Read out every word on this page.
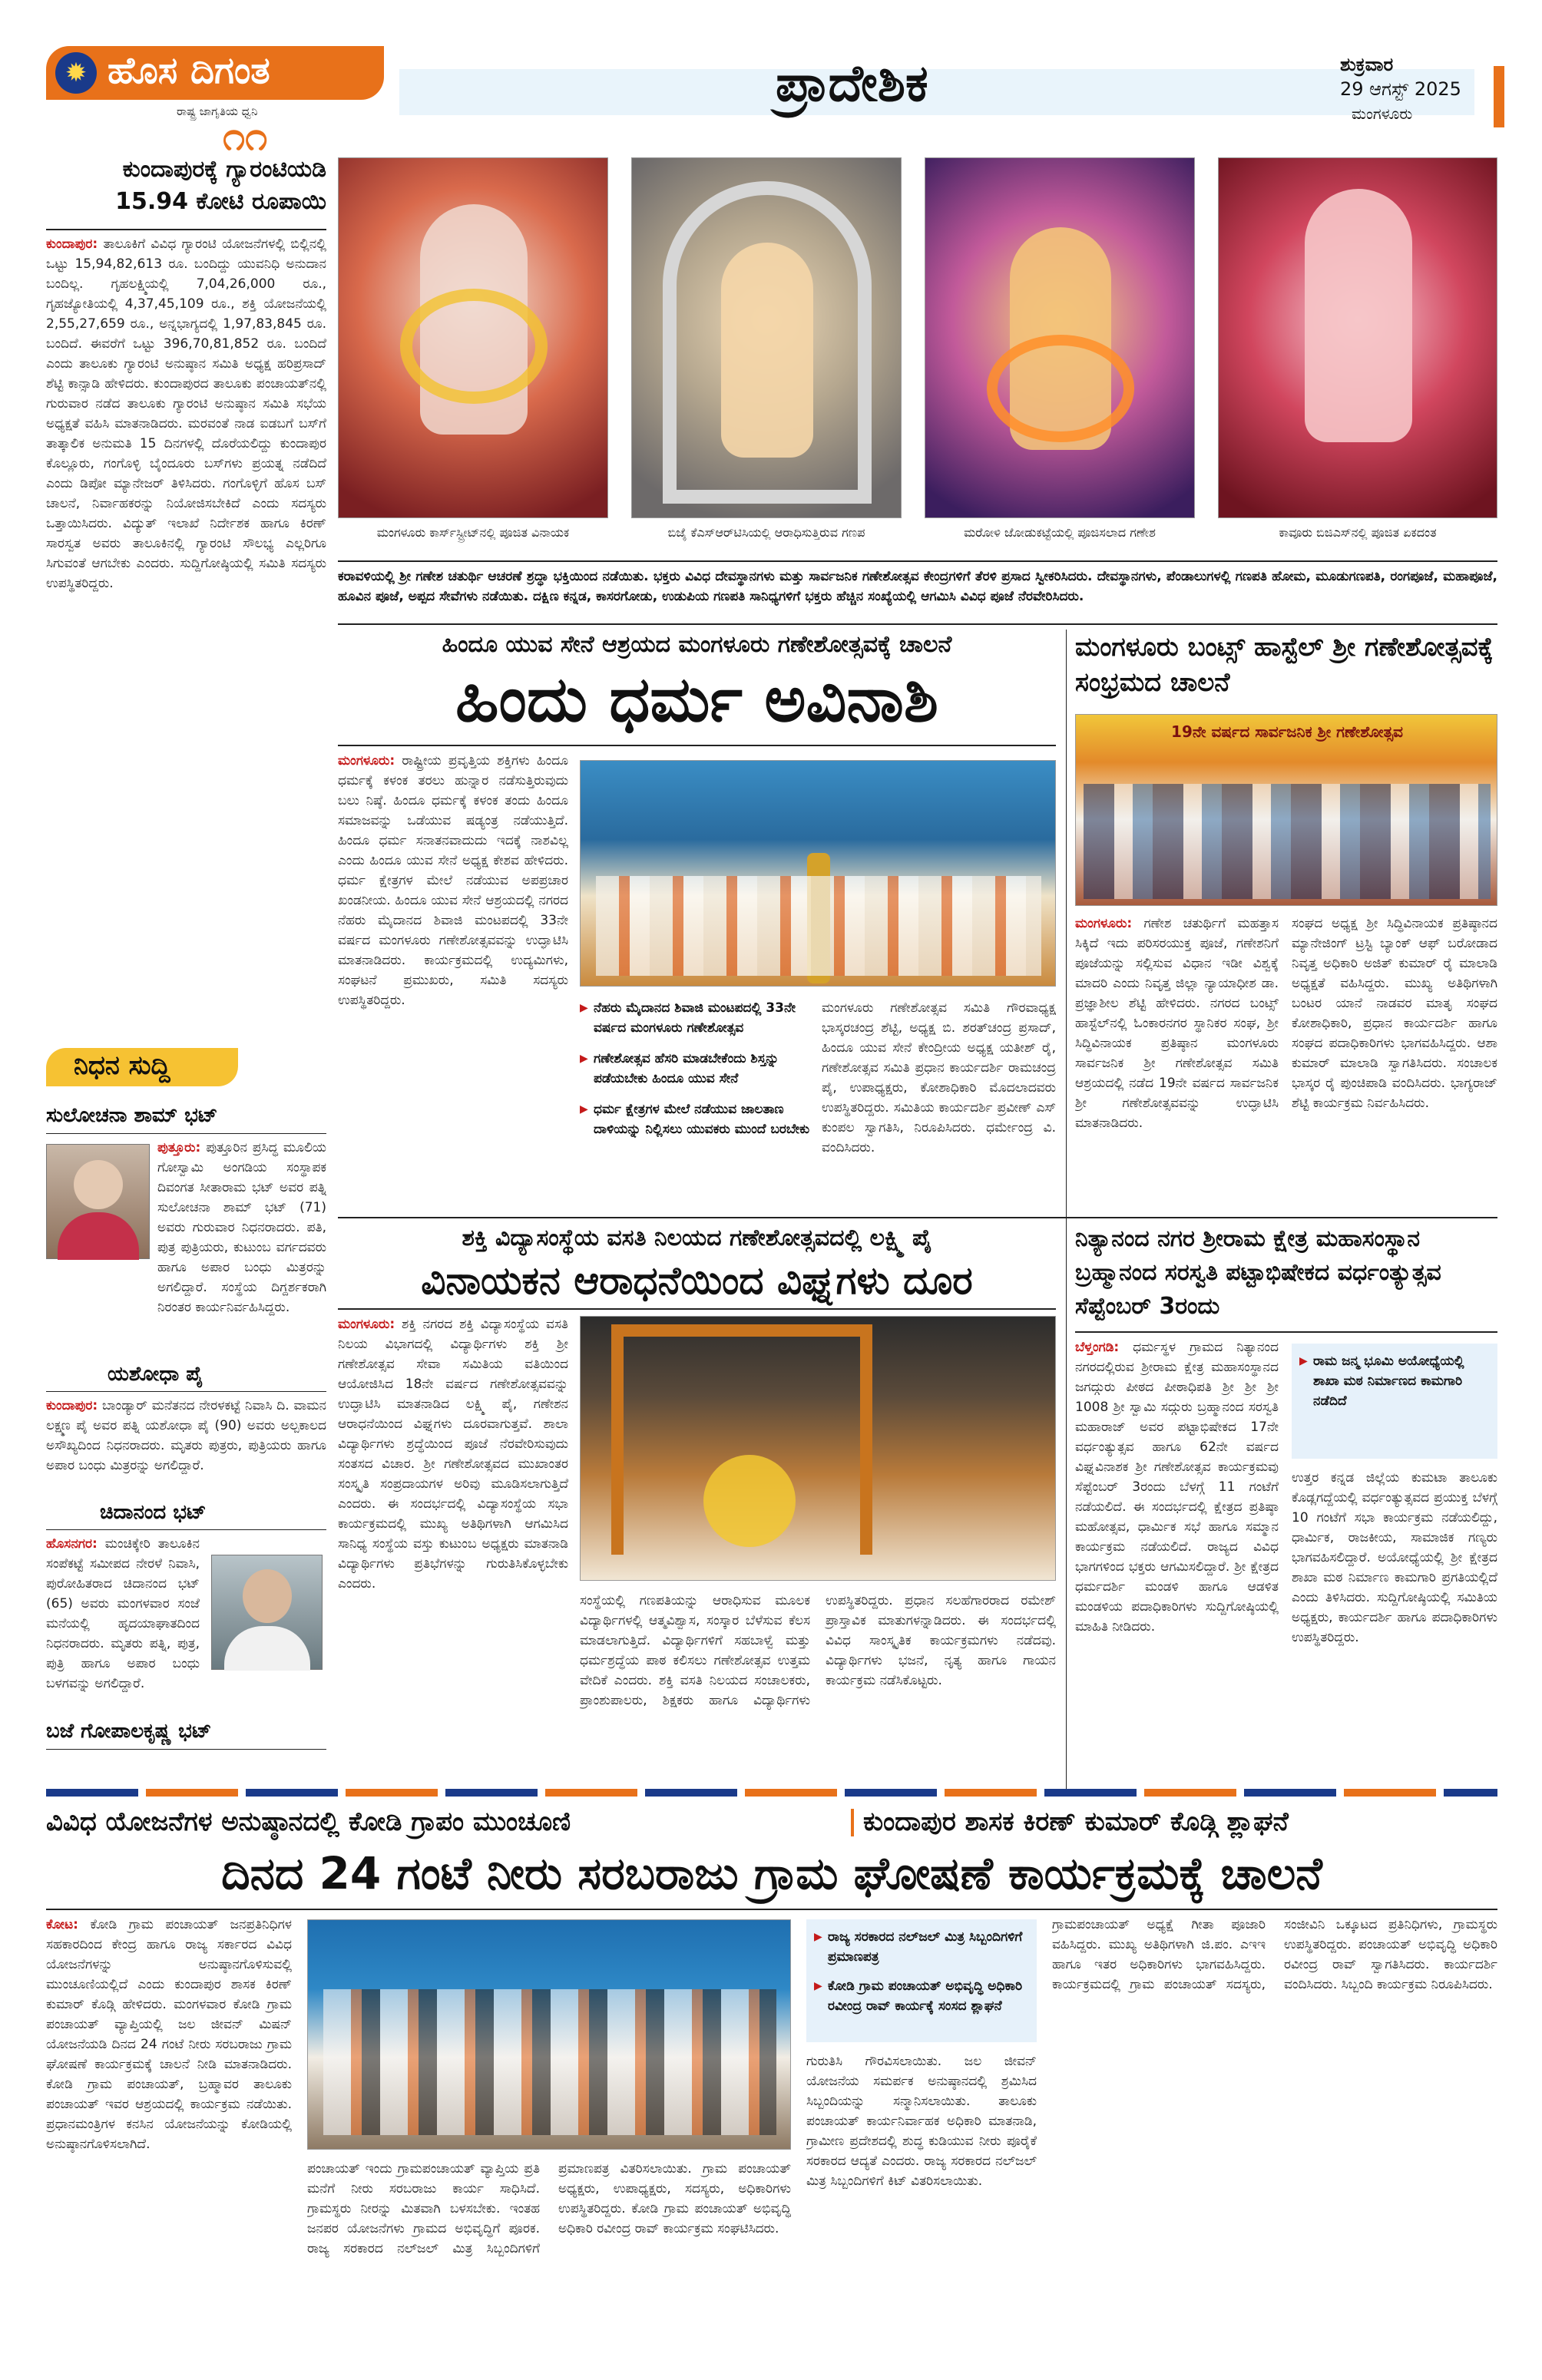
✹ ಹೊಸ ದಿಗಂತ
ರಾಷ್ಟ್ರ ಜಾಗೃತಿಯ ಧ್ವನಿ
೧೧
ಪ್ರಾದೇಶಿಕ	ಶುಕ್ರವಾರ
29 ಆಗಸ್ಟ್ 2025
ಮಂಗಳೂರು
ಕುಂದಾಪುರಕ್ಕೆ ಗ್ಯಾರಂಟಿಯಡಿ 15.94 ಕೋಟಿ ರೂಪಾಯಿ
ಕುಂದಾಪುರ: ತಾಲೂಕಿಗೆ ವಿವಿಧ ಗ್ಯಾರಂಟಿ ಯೋಜನೆಗಳಲ್ಲಿ ಬಿಲ್ಲಿನಲ್ಲಿ ಒಟ್ಟು 15,94,82,613 ರೂ. ಬಂದಿದ್ದು ಯುವನಿಧಿ ಅನುದಾನ ಬಂದಿಲ್ಲ. ಗೃಹಲಕ್ಷ್ಮಿಯಲ್ಲಿ 7,04,26,000 ರೂ., ಗೃಹಜ್ಯೋತಿಯಲ್ಲಿ 4,37,45,109 ರೂ., ಶಕ್ತಿ ಯೋಜನೆಯಲ್ಲಿ 2,55,27,659 ರೂ., ಅನ್ನಭಾಗ್ಯದಲ್ಲಿ 1,97,83,845 ರೂ. ಬಂದಿದೆ. ಈವರೆಗೆ ಒಟ್ಟು 396,70,81,852 ರೂ. ಬಂದಿದೆ ಎಂದು ತಾಲೂಕು ಗ್ಯಾರಂಟಿ ಅನುಷ್ಠಾನ ಸಮಿತಿ ಅಧ್ಯಕ್ಷ ಹರಿಪ್ರಸಾದ್ ಶೆಟ್ಟಿ ಕಾನ್ಸಾಡಿ ಹೇಳಿದರು. ಕುಂದಾಪುರದ ತಾಲೂಕು ಪಂಚಾಯತ್‌ನಲ್ಲಿ ಗುರುವಾರ ನಡೆದ ತಾಲೂಕು ಗ್ಯಾರಂಟಿ ಅನುಷ್ಠಾನ ಸಮಿತಿ ಸಭೆಯ ಅಧ್ಯಕ್ಷತೆ ವಹಿಸಿ ಮಾತನಾಡಿದರು. ಮರವಂತೆ ನಾಡ ಐಡಬಗೆ ಬಸ್‌ಗೆ ತಾತ್ಕಾಲಿಕ ಅನುಮತಿ 15 ದಿನಗಳಲ್ಲಿ ದೊರೆಯಲಿದ್ದು ಕುಂದಾಪುರ ಕೊಲ್ಲೂರು, ಗಂಗೊಳ್ಳಿ ಬೈಂದೂರು ಬಸ್‌ಗಳು ಪ್ರಯತ್ನ ನಡೆದಿದೆ ಎಂದು ಡಿಪೋ ಮ್ಯಾನೇಜರ್ ತಿಳಿಸಿದರು. ಗಂಗೊಳ್ಳಿಗೆ ಹೊಸ ಬಸ್‌ ಚಾಲನೆ, ನಿರ್ವಾಹಕರನ್ನು ನಿಯೋಜಿಸಬೇಕಿದೆ ಎಂದು ಸದಸ್ಯರು ಒತ್ತಾಯಿಸಿದರು. ವಿದ್ಯುತ್ ಇಲಾಖೆ ನಿರ್ದೇಶಕ ಹಾಗೂ ಕಿರಣ್ ಸಾರಸ್ವತ ಅವರು ತಾಲೂಕಿನಲ್ಲಿ ಗ್ಯಾರಂಟಿ ಸೌಲಭ್ಯ ಎಲ್ಲರಿಗೂ ಸಿಗುವಂತೆ ಆಗಬೇಕು ಎಂದರು. ಸುದ್ದಿಗೋಷ್ಠಿಯಲ್ಲಿ ಸಮಿತಿ ಸದಸ್ಯರು ಉಪಸ್ಥಿತರಿದ್ದರು.
ನಿಧನ ಸುದ್ದಿ
ಸುಲೋಚನಾ ಶಾಮ್ ಭಟ್
ಪುತ್ತೂರು: ಪುತ್ತೂರಿನ ಪ್ರಸಿದ್ಧ ಮೂಲಿಯ ಗೋಸ್ವಾಮಿ ಅಂಗಡಿಯ ಸಂಸ್ಥಾಪಕ ದಿವಂಗತ ಸೀತಾರಾಮ ಭಟ್ ಅವರ ಪತ್ನಿ ಸುಲೋಚನಾ ಶಾಮ್ ಭಟ್ (71) ಅವರು ಗುರುವಾರ ನಿಧನರಾದರು. ಪತಿ, ಪುತ್ರ ಪುತ್ರಿಯರು, ಕುಟುಂಬ ವರ್ಗದವರು ಹಾಗೂ ಅಪಾರ ಬಂಧು ಮಿತ್ರರನ್ನು ಅಗಲಿದ್ದಾರೆ. ಸಂಸ್ಥೆಯ ದಿಗ್ದರ್ಶಕರಾಗಿ ನಿರಂತರ ಕಾರ್ಯನಿರ್ವಹಿಸಿದ್ದರು.
ಯಶೋಧಾ ಪೈ
ಕುಂದಾಪುರ: ಬಾಂಡ್ಯಾರ್ ಮನೆತನದ ನೇರಳಕಟ್ಟೆ ನಿವಾಸಿ ದಿ. ವಾಮನ ಲಕ್ಷ್ಮಣ ಪೈ ಅವರ ಪತ್ನಿ ಯಶೋಧಾ ಪೈ (90) ಅವರು ಅಲ್ಪಕಾಲದ ಅಸೌಖ್ಯದಿಂದ ನಿಧನರಾದರು. ಮೃತರು ಪುತ್ರರು, ಪುತ್ರಿಯರು ಹಾಗೂ ಅಪಾರ ಬಂಧು ಮಿತ್ರರನ್ನು ಅಗಲಿದ್ದಾರೆ.
ಚಿದಾನಂದ ಭಟ್
ಹೊಸನಗರ: ಮಂಚಿಕ್ಕೇರಿ ತಾಲೂಕಿನ ಸಂಪೆಕಟ್ಟೆ ಸಮೀಪದ ನೇರಳೆ ನಿವಾಸಿ, ಪುರೋಹಿತರಾದ ಚಿದಾನಂದ ಭಟ್ (65) ಅವರು ಮಂಗಳವಾರ ಸಂಜೆ ಮನೆಯಲ್ಲಿ ಹೃದಯಾಘಾತದಿಂದ ನಿಧನರಾದರು. ಮೃತರು ಪತ್ನಿ, ಪುತ್ರ, ಪುತ್ರಿ ಹಾಗೂ ಅಪಾರ ಬಂಧು ಬಳಗವನ್ನು ಅಗಲಿದ್ದಾರೆ.
ಬಜೆ ಗೋಪಾಲಕೃಷ್ಣ ಭಟ್
ಮಂಗಳೂರು ಕಾರ್ಸ್‌ಸ್ಟ್ರೀಟ್‌ನಲ್ಲಿ ಪೂಜಿತ ವಿನಾಯಕ	ಬಿಜೈ ಕೆಎಸ್‌ಆರ್‌ಟಿಸಿಯಲ್ಲಿ ಆರಾಧಿಸುತ್ತಿರುವ ಗಣಪ	ಮರೋಳಿ ಜೋಡುಕಟ್ಟೆಯಲ್ಲಿ ಪೂಜಿಸಲಾದ ಗಣೇಶ	ಕಾವೂರು ಬಿಜಿಎಸ್‌ನಲ್ಲಿ ಪೂಜಿತ ಏಕದಂತ
ಕರಾವಳಿಯಲ್ಲಿ ಶ್ರೀ ಗಣೇಶ ಚತುರ್ಥಿ ಆಚರಣೆ ಶ್ರದ್ಧಾ ಭಕ್ತಿಯಿಂದ ನಡೆಯಿತು. ಭಕ್ತರು ವಿವಿಧ ದೇವಸ್ಥಾನಗಳು ಮತ್ತು ಸಾರ್ವಜನಿಕ ಗಣೇಶೋತ್ಸವ ಕೇಂದ್ರಗಳಿಗೆ ತೆರಳಿ ಪ್ರಸಾದ ಸ್ವೀಕರಿಸಿದರು. ದೇವಸ್ಥಾನಗಳು, ಪೆಂಡಾಲುಗಳಲ್ಲಿ ಗಣಪತಿ ಹೋಮ, ಮೂಡುಗಣಪತಿ, ರಂಗಪೂಜೆ, ಮಹಾಪೂಜೆ, ಹೂವಿನ ಪೂಜೆ, ಅಪ್ಪದ ಸೇವೆಗಳು ನಡೆಯಿತು. ದಕ್ಷಿಣ ಕನ್ನಡ, ಕಾಸರಗೋಡು, ಉಡುಪಿಯ ಗಣಪತಿ ಸಾನಿಧ್ಯಗಳಿಗೆ ಭಕ್ತರು ಹೆಚ್ಚಿನ ಸಂಖ್ಯೆಯಲ್ಲಿ ಆಗಮಿಸಿ ವಿವಿಧ ಪೂಜೆ ನೆರವೇರಿಸಿದರು.
ಹಿಂದೂ ಯುವ ಸೇನೆ ಆಶ್ರಯದ ಮಂಗಳೂರು ಗಣೇಶೋತ್ಸವಕ್ಕೆ ಚಾಲನೆ
ಹಿಂದು ಧರ್ಮ ಅವಿನಾಶಿ
ಮಂಗಳೂರು: ರಾಷ್ಟ್ರೀಯ ಪ್ರವೃತ್ತಿಯ ಶಕ್ತಿಗಳು ಹಿಂದೂ ಧರ್ಮಕ್ಕೆ ಕಳಂಕ ತರಲು ಹುನ್ನಾರ ನಡೆಸುತ್ತಿರುವುದು ಬಲು ನಿಷ್ಠೆ. ಹಿಂದೂ ಧರ್ಮಕ್ಕೆ ಕಳಂಕ ತಂದು ಹಿಂದೂ ಸಮಾಜವನ್ನು ಒಡೆಯುವ ಷಡ್ಯಂತ್ರ ನಡೆಯುತ್ತಿದೆ. ಹಿಂದೂ ಧರ್ಮ ಸನಾತನವಾದುದು ಇದಕ್ಕೆ ನಾಶವಿಲ್ಲ ಎಂದು ಹಿಂದೂ ಯುವ ಸೇನೆ ಅಧ್ಯಕ್ಷ ಕೇಶವ ಹೇಳಿದರು. ಧರ್ಮ ಕ್ಷೇತ್ರಗಳ ಮೇಲೆ ನಡೆಯುವ ಅಪಪ್ರಚಾರ ಖಂಡನೀಯ. ಹಿಂದೂ ಯುವ ಸೇನೆ ಆಶ್ರಯದಲ್ಲಿ ನಗರದ ನೆಹರು ಮೈದಾನದ ಶಿವಾಜಿ ಮಂಟಪದಲ್ಲಿ 33ನೇ ವರ್ಷದ ಮಂಗಳೂರು ಗಣೇಶೋತ್ಸವವನ್ನು ಉದ್ಘಾಟಿಸಿ ಮಾತನಾಡಿದರು. ಕಾರ್ಯಕ್ರಮದಲ್ಲಿ ಉದ್ಯಮಿಗಳು, ಸಂಘಟನೆ ಪ್ರಮುಖರು, ಸಮಿತಿ ಸದಸ್ಯರು ಉಪಸ್ಥಿತರಿದ್ದರು.
▶	ನೆಹರು ಮೈದಾನದ ಶಿವಾಜಿ ಮಂಟಪದಲ್ಲಿ 33ನೇ ವರ್ಷದ ಮಂಗಳೂರು ಗಣೇಶೋತ್ಸವ
▶ ಗಣೇಶೋತ್ಸವ ಹೆಸರಿ ಮಾಡಬೇಕೆಂದು ಶಿಸ್ತನ್ನು ಪಡೆಯಬೇಕು ಹಿಂದೂ ಯುವ ಸೇನೆ
▶ ಧರ್ಮ ಕ್ಷೇತ್ರಗಳ ಮೇಲೆ ನಡೆಯುವ ಜಾಲತಾಣ ದಾಳಿಯನ್ನು ನಿಲ್ಲಿಸಲು ಯುವಕರು ಮುಂದೆ ಬರಬೇಕು
ಮಂಗಳೂರು ಗಣೇಶೋತ್ಸವ ಸಮಿತಿ ಗೌರವಾಧ್ಯಕ್ಷ ಭಾಸ್ಕರಚಂದ್ರ ಶೆಟ್ಟಿ, ಅಧ್ಯಕ್ಷ ಬಿ. ಶರತ್‌ಚಂದ್ರ ಪ್ರಸಾದ್, ಹಿಂದೂ ಯುವ ಸೇನೆ ಕೇಂದ್ರೀಯ ಅಧ್ಯಕ್ಷ ಯತೀಶ್ ರೈ, ಗಣೇಶೋತ್ಸವ ಸಮಿತಿ ಪ್ರಧಾನ ಕಾರ್ಯದರ್ಶಿ ರಾಮಚಂದ್ರ ಪೈ, ಉಪಾಧ್ಯಕ್ಷರು, ಕೋಶಾಧಿಕಾರಿ ಮೊದಲಾದವರು ಉಪಸ್ಥಿತರಿದ್ದರು. ಸಮಿತಿಯ ಕಾರ್ಯದರ್ಶಿ ಪ್ರವೀಣ್ ಎಸ್ ಕುಂಪಲ ಸ್ವಾಗತಿಸಿ, ನಿರೂಪಿಸಿದರು. ಧರ್ಮೇಂದ್ರ ವಿ. ವಂದಿಸಿದರು.
ಮಂಗಳೂರು ಬಂಟ್ಸ್ ಹಾಸ್ಟೆಲ್ ಶ್ರೀ ಗಣೇಶೋತ್ಸವಕ್ಕೆ ಸಂಭ್ರಮದ ಚಾಲನೆ
19ನೇ ವರ್ಷದ ಸಾರ್ವಜನಿಕ ಶ್ರೀ ಗಣೇಶೋತ್ಸವ
ಮಂಗಳೂರು: ಗಣೇಶ ಚತುರ್ಥಿಗೆ ಮಹತ್ತಾಸ ಸಿಕ್ಕಿದೆ ಇದು ಪರಿಸರಯುಕ್ತ ಪೂಜೆ, ಗಣೇಶನಿಗೆ ಪೂಜೆಯನ್ನು ಸಲ್ಲಿಸುವ ವಿಧಾನ ಇಡೀ ವಿಶ್ವಕ್ಕೆ ಮಾದರಿ ಎಂದು ನಿವೃತ್ತ ಜಿಲ್ಲಾ ನ್ಯಾಯಾಧೀಶ ಡಾ. ಪ್ರಜ್ಞಾಶೀಲ ಶೆಟ್ಟಿ ಹೇಳಿದರು. ನಗರದ ಬಂಟ್ಸ್ ಹಾಸ್ಟೆಲ್‌ನಲ್ಲಿ ಓಂಕಾರನಗರ ಸ್ಥಾನಿಕರ ಸಂಘ, ಶ್ರೀ ಸಿದ್ಧಿವಿನಾಯಕ ಪ್ರತಿಷ್ಠಾನ ಮಂಗಳೂರು ಸಾರ್ವಜನಿಕ ಶ್ರೀ ಗಣೇಶೋತ್ಸವ ಸಮಿತಿ ಆಶ್ರಯದಲ್ಲಿ ನಡೆದ 19ನೇ ವರ್ಷದ ಸಾರ್ವಜನಿಕ ಶ್ರೀ ಗಣೇಶೋತ್ಸವವನ್ನು ಉದ್ಘಾಟಿಸಿ ಮಾತನಾಡಿದರು.
ಸಂಘದ ಅಧ್ಯಕ್ಷ ಶ್ರೀ ಸಿದ್ಧಿವಿನಾಯಕ ಪ್ರತಿಷ್ಠಾನದ ಮ್ಯಾನೇಜಿಂಗ್ ಟ್ರಸ್ಟಿ ಬ್ಯಾಂಕ್ ಆಫ್ ಬರೋಡಾದ ನಿವೃತ್ತ ಅಧಿಕಾರಿ ಅಜಿತ್ ಕುಮಾರ್ ರೈ ಮಾಲಾಡಿ ಅಧ್ಯಕ್ಷತೆ ವಹಿಸಿದ್ದರು. ಮುಖ್ಯ ಅತಿಥಿಗಳಾಗಿ ಬಂಟರ ಯಾನೆ ನಾಡವರ ಮಾತೃ ಸಂಘದ ಕೋಶಾಧಿಕಾರಿ, ಪ್ರಧಾನ ಕಾರ್ಯದರ್ಶಿ ಹಾಗೂ ಸಂಘದ ಪದಾಧಿಕಾರಿಗಳು ಭಾಗವಹಿಸಿದ್ದರು. ಆಶಾ ಕುಮಾರ್ ಮಾಲಾಡಿ ಸ್ವಾಗತಿಸಿದರು. ಸಂಚಾಲಕ ಭಾಸ್ಕರ ರೈ ಪುಂಚಿಪಾಡಿ ವಂದಿಸಿದರು. ಭಾಗ್ಯರಾಜ್ ಶೆಟ್ಟಿ ಕಾರ್ಯಕ್ರಮ ನಿರ್ವಹಿಸಿದರು.
ಶಕ್ತಿ ವಿದ್ಯಾಸಂಸ್ಥೆಯ ವಸತಿ ನಿಲಯದ ಗಣೇಶೋತ್ಸವದಲ್ಲಿ ಲಕ್ಷ್ಮಿ ಪೈ
ವಿನಾಯಕನ ಆರಾಧನೆಯಿಂದ ವಿಘ್ನಗಳು ದೂರ
ಮಂಗಳೂರು: ಶಕ್ತಿ ನಗರದ ಶಕ್ತಿ ವಿದ್ಯಾಸಂಸ್ಥೆಯ ವಸತಿ ನಿಲಯ ವಿಭಾಗದಲ್ಲಿ ವಿದ್ಯಾರ್ಥಿಗಳು ಶಕ್ತಿ ಶ್ರೀ ಗಣೇಶೋತ್ಸವ ಸೇವಾ ಸಮಿತಿಯ ವತಿಯಿಂದ ಆಯೋಜಿಸಿದ 18ನೇ ವರ್ಷದ ಗಣೇಶೋತ್ಸವವನ್ನು ಉದ್ಘಾಟಿಸಿ ಮಾತನಾಡಿದ ಲಕ್ಷ್ಮಿ ಪೈ, ಗಣೇಶನ ಆರಾಧನೆಯಿಂದ ವಿಘ್ನಗಳು ದೂರವಾಗುತ್ತವೆ. ಶಾಲಾ ವಿದ್ಯಾರ್ಥಿಗಳು ಶ್ರದ್ಧೆಯಿಂದ ಪೂಜೆ ನೆರವೇರಿಸುವುದು ಸಂತಸದ ವಿಚಾರ. ಶ್ರೀ ಗಣೇಶೋತ್ಸವದ ಮುಖಾಂತರ ಸಂಸ್ಕೃತಿ ಸಂಪ್ರದಾಯಗಳ ಅರಿವು ಮೂಡಿಸಲಾಗುತ್ತಿದೆ ಎಂದರು. ಈ ಸಂದರ್ಭದಲ್ಲಿ ವಿದ್ಯಾಸಂಸ್ಥೆಯ ಸಭಾ ಕಾರ್ಯಕ್ರಮದಲ್ಲಿ ಮುಖ್ಯ ಅತಿಥಿಗಳಾಗಿ ಆಗಮಿಸಿದ ಸಾನಿಧ್ಯ ಸಂಸ್ಥೆಯ ವಸ್ತು ಕುಟುಂಬ ಅಧ್ಯಕ್ಷರು ಮಾತನಾಡಿ ವಿದ್ಯಾರ್ಥಿಗಳು ಪ್ರತಿಭೆಗಳನ್ನು ಗುರುತಿಸಿಕೊಳ್ಳಬೇಕು ಎಂದರು.
ಸಂಸ್ಥೆಯಲ್ಲಿ ಗಣಪತಿಯನ್ನು ಆರಾಧಿಸುವ ಮೂಲಕ ವಿದ್ಯಾರ್ಥಿಗಳಲ್ಲಿ ಆತ್ಮವಿಶ್ವಾಸ, ಸಂಸ್ಕಾರ ಬೆಳೆಸುವ ಕೆಲಸ ಮಾಡಲಾಗುತ್ತಿದೆ. ವಿದ್ಯಾರ್ಥಿಗಳಿಗೆ ಸಹಬಾಳ್ವೆ ಮತ್ತು ಧರ್ಮಶ್ರದ್ಧೆಯ ಪಾಠ ಕಲಿಸಲು ಗಣೇಶೋತ್ಸವ ಉತ್ತಮ ವೇದಿಕೆ ಎಂದರು. ಶಕ್ತಿ ವಸತಿ ನಿಲಯದ ಸಂಚಾಲಕರು, ಪ್ರಾಂಶುಪಾಲರು, ಶಿಕ್ಷಕರು ಹಾಗೂ ವಿದ್ಯಾರ್ಥಿಗಳು ಉಪಸ್ಥಿತರಿದ್ದರು. ಪ್ರಧಾನ ಸಲಹೆಗಾರರಾದ ರಮೇಶ್ ಪ್ರಾಸ್ತಾವಿಕ ಮಾತುಗಳನ್ನಾಡಿದರು. ಈ ಸಂದರ್ಭದಲ್ಲಿ ವಿವಿಧ ಸಾಂಸ್ಕೃತಿಕ ಕಾರ್ಯಕ್ರಮಗಳು ನಡೆದವು. ವಿದ್ಯಾರ್ಥಿಗಳು ಭಜನೆ, ನೃತ್ಯ ಹಾಗೂ ಗಾಯನ ಕಾರ್ಯಕ್ರಮ ನಡೆಸಿಕೊಟ್ಟರು.
ನಿತ್ಯಾನಂದ ನಗರ ಶ್ರೀರಾಮ ಕ್ಷೇತ್ರ ಮಹಾಸಂಸ್ಥಾನ ಬ್ರಹ್ಮಾನಂದ ಸರಸ್ವತಿ ಪಟ್ಟಾಭಿಷೇಕದ ವರ್ಧಂತ್ಯುತ್ಸವ ಸೆಪ್ಟೆಂಬರ್ 3ರಂದು
ಬೆಳ್ತಂಗಡಿ: ಧರ್ಮಸ್ಥಳ ಗ್ರಾಮದ ನಿತ್ಯಾನಂದ ನಗರದಲ್ಲಿರುವ ಶ್ರೀರಾಮ ಕ್ಷೇತ್ರ ಮಹಾಸಂಸ್ಥಾನದ ಜಗದ್ಗುರು ಪೀಠದ ಪೀಠಾಧಿಪತಿ ಶ್ರೀ ಶ್ರೀ ಶ್ರೀ 1008 ಶ್ರೀ ಸ್ವಾಮಿ ಸದ್ಗುರು ಬ್ರಹ್ಮಾನಂದ ಸರಸ್ವತಿ ಮಹಾರಾಜ್ ಅವರ ಪಟ್ಟಾಭಿಷೇಕದ 17ನೇ ವರ್ಧಂತ್ಯುತ್ಸವ ಹಾಗೂ 62ನೇ ವರ್ಷದ ವಿಘ್ನವಿನಾಶಕ ಶ್ರೀ ಗಣೇಶೋತ್ಸವ ಕಾರ್ಯಕ್ರಮವು ಸೆಪ್ಟೆಂಬರ್ 3ರಂದು ಬೆಳಗ್ಗೆ 11 ಗಂಟೆಗೆ ನಡೆಯಲಿದೆ. ಈ ಸಂದರ್ಭದಲ್ಲಿ ಕ್ಷೇತ್ರದ ಪ್ರತಿಷ್ಠಾ ಮಹೋತ್ಸವ, ಧಾರ್ಮಿಕ ಸಭೆ ಹಾಗೂ ಸಮ್ಮಾನ ಕಾರ್ಯಕ್ರಮ ನಡೆಯಲಿದೆ. ರಾಜ್ಯದ ವಿವಿಧ ಭಾಗಗಳಿಂದ ಭಕ್ತರು ಆಗಮಿಸಲಿದ್ದಾರೆ. ಶ್ರೀ ಕ್ಷೇತ್ರದ ಧರ್ಮದರ್ಶಿ ಮಂಡಳಿ ಹಾಗೂ ಆಡಳಿತ ಮಂಡಳಿಯ ಪದಾಧಿಕಾರಿಗಳು ಸುದ್ದಿಗೋಷ್ಠಿಯಲ್ಲಿ ಮಾಹಿತಿ ನೀಡಿದರು.
▶ ರಾಮ ಜನ್ಮ ಭೂಮಿ ಅಯೋಧ್ಯೆಯಲ್ಲಿ ಶಾಖಾ ಮಠ ನಿರ್ಮಾಣದ ಕಾಮಗಾರಿ ನಡೆದಿದೆ
ಉತ್ತರ ಕನ್ನಡ ಜಿಲ್ಲೆಯ ಕುಮಟಾ ತಾಲೂಕು ಕೊಡ್ಲಗದ್ದೆಯಲ್ಲಿ ವರ್ಧಂತ್ಯುತ್ಸವದ ಪ್ರಯುಕ್ತ ಬೆಳಗ್ಗೆ 10 ಗಂಟೆಗೆ ಸಭಾ ಕಾರ್ಯಕ್ರಮ ನಡೆಯಲಿದ್ದು, ಧಾರ್ಮಿಕ, ರಾಜಕೀಯ, ಸಾಮಾಜಿಕ ಗಣ್ಯರು ಭಾಗವಹಿಸಲಿದ್ದಾರೆ. ಅಯೋಧ್ಯೆಯಲ್ಲಿ ಶ್ರೀ ಕ್ಷೇತ್ರದ ಶಾಖಾ ಮಠ ನಿರ್ಮಾಣ ಕಾಮಗಾರಿ ಪ್ರಗತಿಯಲ್ಲಿದೆ ಎಂದು ತಿಳಿಸಿದರು. ಸುದ್ದಿಗೋಷ್ಠಿಯಲ್ಲಿ ಸಮಿತಿಯ ಅಧ್ಯಕ್ಷರು, ಕಾರ್ಯದರ್ಶಿ ಹಾಗೂ ಪದಾಧಿಕಾರಿಗಳು ಉಪಸ್ಥಿತರಿದ್ದರು.
ವಿವಿಧ ಯೋಜನೆಗಳ ಅನುಷ್ಠಾನದಲ್ಲಿ ಕೋಡಿ ಗ್ರಾಪಂ ಮುಂಚೂಣಿ	ಕುಂದಾಪುರ ಶಾಸಕ ಕಿರಣ್ ಕುಮಾರ್ ಕೊಡ್ಗಿ ಶ್ಲಾಘನೆ
ದಿನದ 24 ಗಂಟೆ ನೀರು ಸರಬರಾಜು ಗ್ರಾಮ ಘೋಷಣೆ ಕಾರ್ಯಕ್ರಮಕ್ಕೆ ಚಾಲನೆ
ಕೋಟ: ಕೋಡಿ ಗ್ರಾಮ ಪಂಚಾಯತ್ ಜನಪ್ರತಿನಿಧಿಗಳ ಸಹಕಾರದಿಂದ ಕೇಂದ್ರ ಹಾಗೂ ರಾಜ್ಯ ಸರ್ಕಾರದ ವಿವಿಧ ಯೋಜನೆಗಳನ್ನು ಅನುಷ್ಠಾನಗೊಳಿಸುವಲ್ಲಿ ಮುಂಚೂಣಿಯಲ್ಲಿದೆ ಎಂದು ಕುಂದಾಪುರ ಶಾಸಕ ಕಿರಣ್ ಕುಮಾರ್ ಕೊಡ್ಗಿ ಹೇಳಿದರು. ಮಂಗಳವಾರ ಕೋಡಿ ಗ್ರಾಮ ಪಂಚಾಯತ್ ವ್ಯಾಪ್ತಿಯಲ್ಲಿ ಜಲ ಜೀವನ್ ಮಿಷನ್ ಯೋಜನೆಯಡಿ ದಿನದ 24 ಗಂಟೆ ನೀರು ಸರಬರಾಜು ಗ್ರಾಮ ಘೋಷಣೆ ಕಾರ್ಯಕ್ರಮಕ್ಕೆ ಚಾಲನೆ ನೀಡಿ ಮಾತನಾಡಿದರು. ಕೋಡಿ ಗ್ರಾಮ ಪಂಚಾಯತ್, ಬ್ರಹ್ಮಾವರ ತಾಲೂಕು ಪಂಚಾಯತ್ ಇವರ ಆಶ್ರಯದಲ್ಲಿ ಕಾರ್ಯಕ್ರಮ ನಡೆಯಿತು. ಪ್ರಧಾನಮಂತ್ರಿಗಳ ಕನಸಿನ ಯೋಜನೆಯನ್ನು ಕೋಡಿಯಲ್ಲಿ ಅನುಷ್ಠಾನಗೊಳಿಸಲಾಗಿದೆ.
ಪಂಚಾಯತ್ ಇಂದು ಗ್ರಾಮಪಂಚಾಯತ್ ವ್ಯಾಪ್ತಿಯ ಪ್ರತಿ ಮನೆಗೆ ನೀರು ಸರಬರಾಜು ಕಾರ್ಯ ಸಾಧಿಸಿದೆ. ಗ್ರಾಮಸ್ಥರು ನೀರನ್ನು ಮಿತವಾಗಿ ಬಳಸಬೇಕು. ಇಂತಹ ಜನಪರ ಯೋಜನೆಗಳು ಗ್ರಾಮದ ಅಭಿವೃದ್ಧಿಗೆ ಪೂರಕ. ರಾಜ್ಯ ಸರಕಾರದ ನಲ್‌ಜಲ್ ಮಿತ್ರ ಸಿಬ್ಬಂದಿಗಳಿಗೆ ಪ್ರಮಾಣಪತ್ರ ವಿತರಿಸಲಾಯಿತು. ಗ್ರಾಮ ಪಂಚಾಯತ್ ಅಧ್ಯಕ್ಷರು, ಉಪಾಧ್ಯಕ್ಷರು, ಸದಸ್ಯರು, ಅಧಿಕಾರಿಗಳು ಉಪಸ್ಥಿತರಿದ್ದರು. ಕೋಡಿ ಗ್ರಾಮ ಪಂಚಾಯತ್ ಅಭಿವೃದ್ಧಿ ಅಧಿಕಾರಿ ರವೀಂದ್ರ ರಾವ್ ಕಾರ್ಯಕ್ರಮ ಸಂಘಟಿಸಿದರು.
▶ ರಾಜ್ಯ ಸರಕಾರದ ನಲ್‌ಜಲ್ ಮಿತ್ರ ಸಿಬ್ಬಂದಿಗಳಿಗೆ ಪ್ರಮಾಣಪತ್ರ
▶ ಕೋಡಿ ಗ್ರಾಮ ಪಂಚಾಯತ್ ಅಭಿವೃದ್ಧಿ ಅಧಿಕಾರಿ ರವೀಂದ್ರ ರಾವ್ ಕಾರ್ಯಕ್ಕೆ ಸಂಸದ ಶ್ಲಾಘನೆ
ಗುರುತಿಸಿ ಗೌರವಿಸಲಾಯಿತು. ಜಲ ಜೀವನ್ ಯೋಜನೆಯ ಸಮರ್ಪಕ ಅನುಷ್ಠಾನದಲ್ಲಿ ಶ್ರಮಿಸಿದ ಸಿಬ್ಬಂದಿಯನ್ನು ಸನ್ಮಾನಿಸಲಾಯಿತು. ತಾಲೂಕು ಪಂಚಾಯತ್ ಕಾರ್ಯನಿರ್ವಾಹಕ ಅಧಿಕಾರಿ ಮಾತನಾಡಿ, ಗ್ರಾಮೀಣ ಪ್ರದೇಶದಲ್ಲಿ ಶುದ್ಧ ಕುಡಿಯುವ ನೀರು ಪೂರೈಕೆ ಸರಕಾರದ ಆದ್ಯತೆ ಎಂದರು. ರಾಜ್ಯ ಸರಕಾರದ ನಲ್‌ಜಲ್ ಮಿತ್ರ ಸಿಬ್ಬಂದಿಗಳಿಗೆ ಕಿಟ್ ವಿತರಿಸಲಾಯಿತು.
ಗ್ರಾಮಪಂಚಾಯತ್ ಅಧ್ಯಕ್ಷೆ ಗೀತಾ ಪೂಜಾರಿ ವಹಿಸಿದ್ದರು. ಮುಖ್ಯ ಅತಿಥಿಗಳಾಗಿ ಜಿ.ಪಂ. ಎಇಇ ಹಾಗೂ ಇತರ ಅಧಿಕಾರಿಗಳು ಭಾಗವಹಿಸಿದ್ದರು. ಕಾರ್ಯಕ್ರಮದಲ್ಲಿ ಗ್ರಾಮ ಪಂಚಾಯತ್ ಸದಸ್ಯರು, ಸಂಜೀವಿನಿ ಒಕ್ಕೂಟದ ಪ್ರತಿನಿಧಿಗಳು, ಗ್ರಾಮಸ್ಥರು ಉಪಸ್ಥಿತರಿದ್ದರು. ಪಂಚಾಯತ್ ಅಭಿವೃದ್ಧಿ ಅಧಿಕಾರಿ ರವೀಂದ್ರ ರಾವ್ ಸ್ವಾಗತಿಸಿದರು. ಕಾರ್ಯದರ್ಶಿ ವಂದಿಸಿದರು. ಸಿಬ್ಬಂದಿ ಕಾರ್ಯಕ್ರಮ ನಿರೂಪಿಸಿದರು.
